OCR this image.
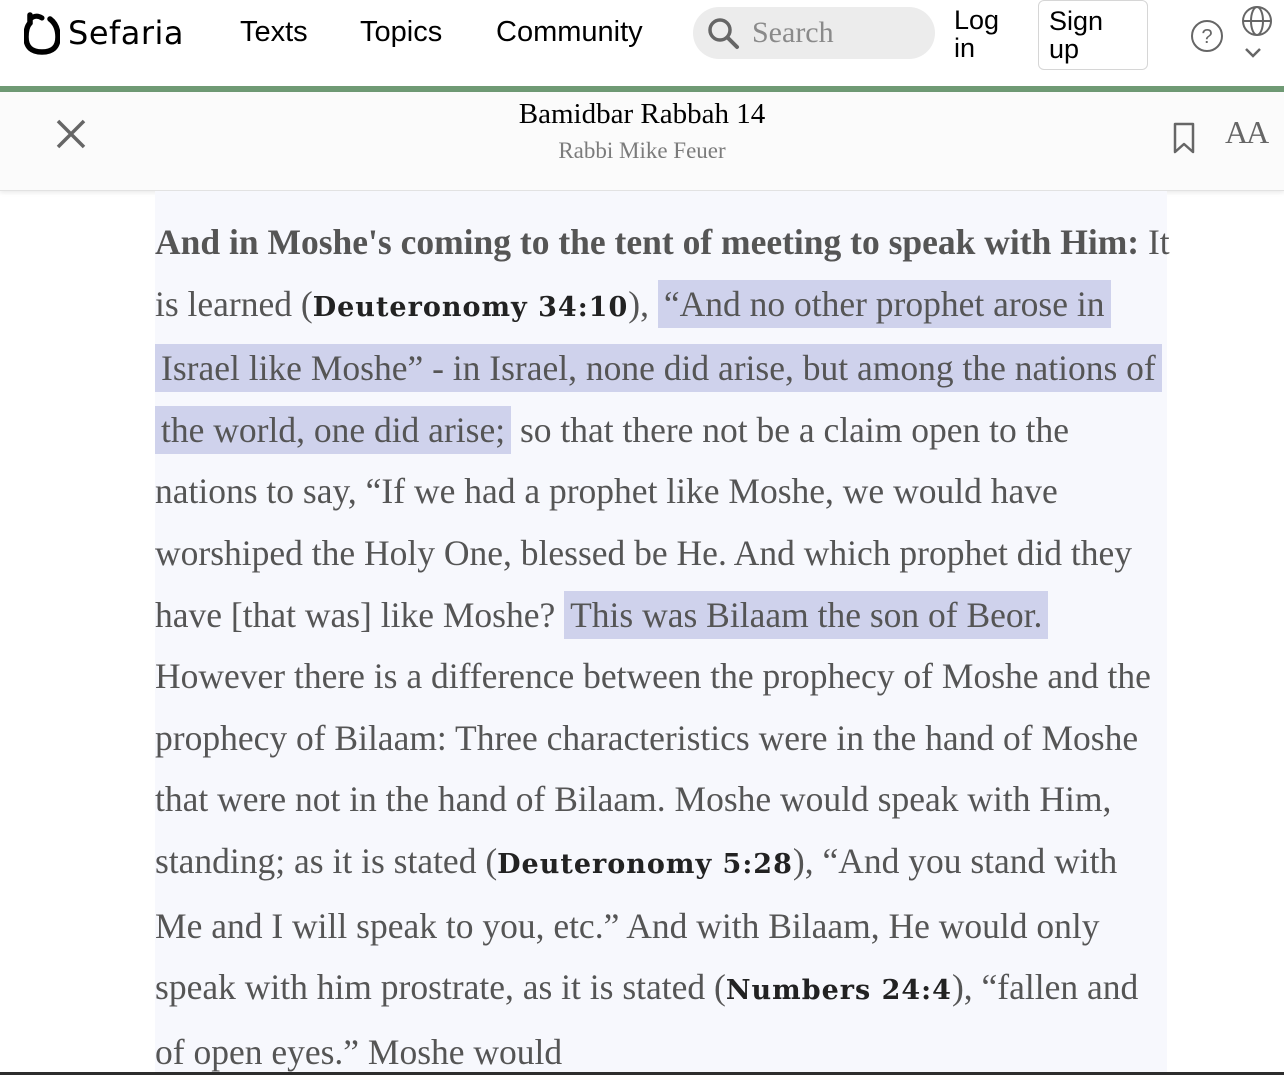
Sefaria Texts Topics Community
Search	Log
in
Sign
up	?
Bamidbar Rabbah 14
Rabbi Mike Feuer
AA
And in Moshe's coming to the tent of meeting to speak with Him: It is learned (Deuteronomy 34:10), “And no other prophet arose in Israel like Moshe” - in Israel, none did arise, but among the nations of the world, one did arise; so that there not be a claim open to the nations to say, “If we had a prophet like Moshe, we would have worshiped the Holy One, blessed be He. And which prophet did they have [that was] like Moshe? This was Bilaam the son of Beor. However there is a difference between the prophecy of Moshe and the prophecy of Bilaam: Three characteristics were in the hand of Moshe that were not in the hand of Bilaam. Moshe would speak with Him, standing; as it is stated (Deuteronomy 5:28), “And you stand with Me and I will speak to you, etc.” And with Bilaam, He would only speak with him prostrate, as it is stated (Numbers 24:4), “fallen and of open eyes.” Moshe would
